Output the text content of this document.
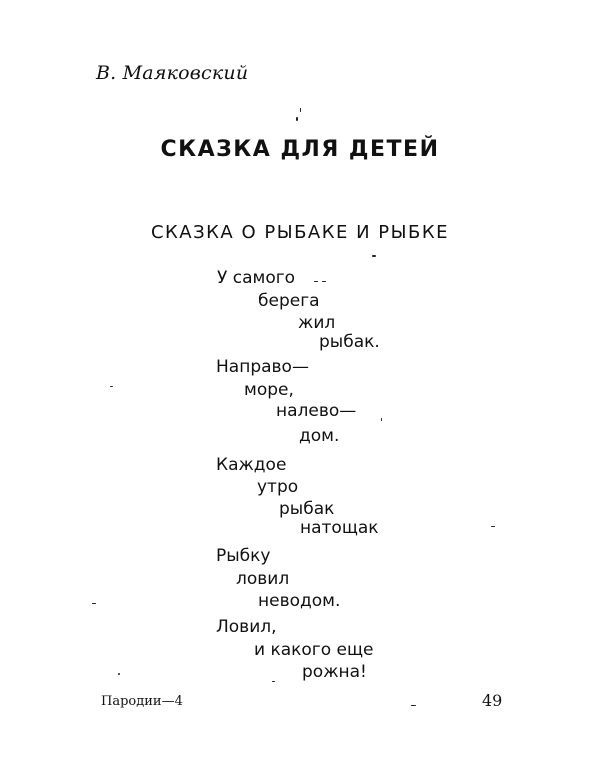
В. Маяковский
СКАЗКА ДЛЯ ДЕТЕЙ
СКАЗКА О РЫБАКЕ И РЫБКЕ
У самого
берега
жил
рыбак.
Направо—
море,
налево—
дом.
Каждое
утро
рыбак
натощак
Рыбку
ловил
неводом.
Ловил,
и какого еще
рожна!
Пародии—4	49
